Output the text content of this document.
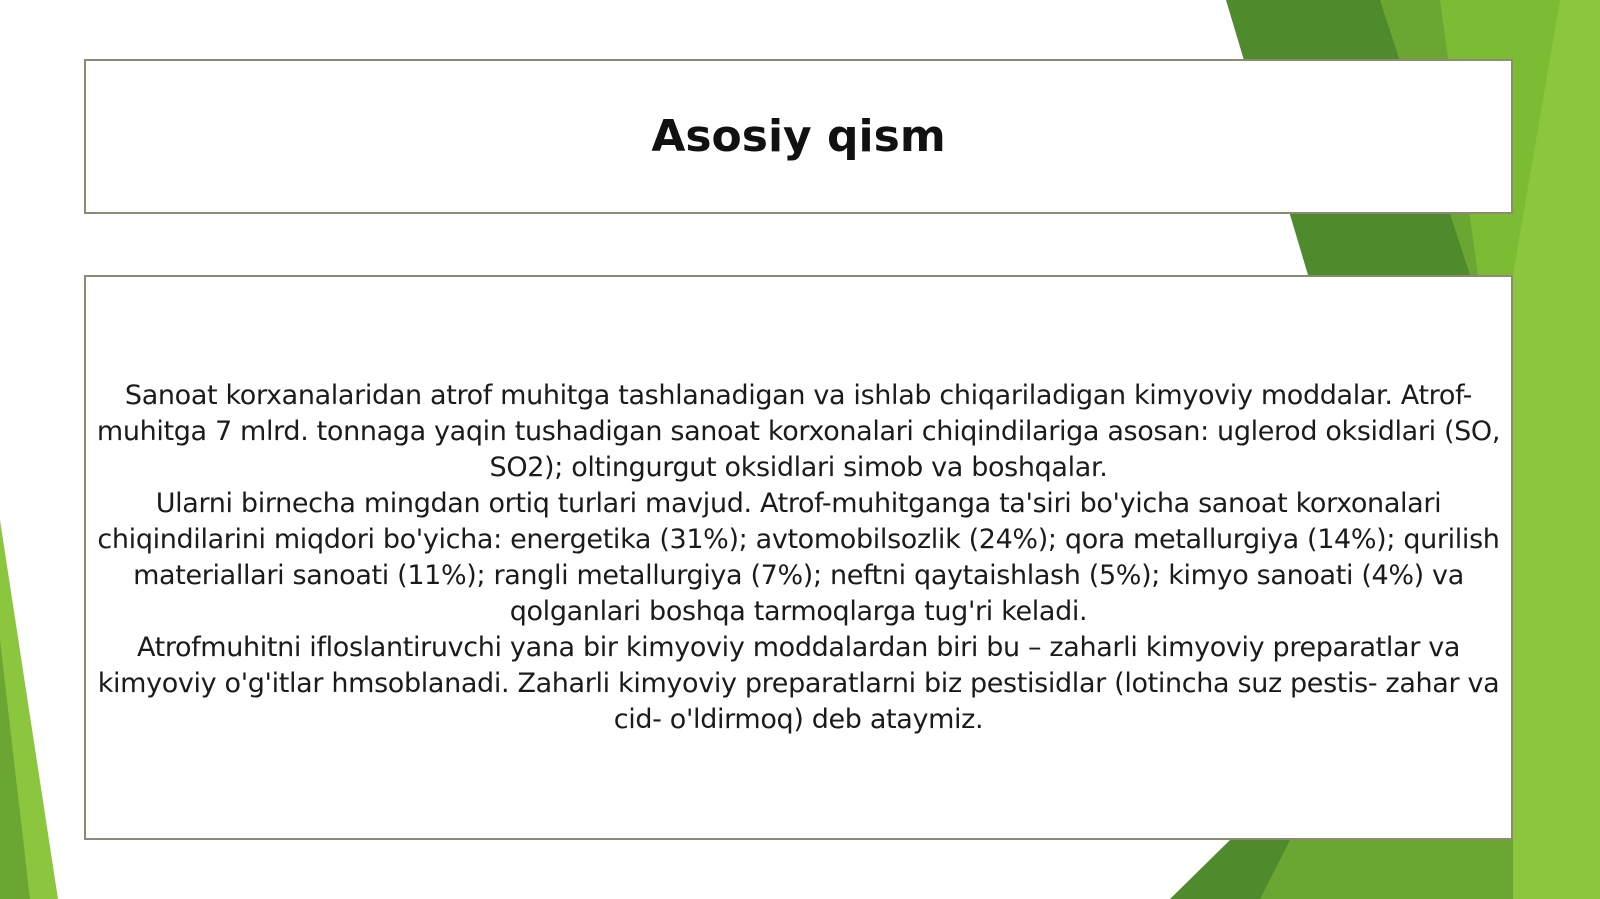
Asosiy qism

Sanoat korxanalaridan atrof muhitga tashlanadigan va ishlab chiqariladigan kimyoviy moddalar. Atrof-muhitga 7 mlrd. tonnaga yaqin tushadigan sanoat korxonalari chiqindilariga asosan: uglerod oksidlari (SO, SO2); oltingurgut oksidlari simob va boshqalar.

Ularni birnecha mingdan ortiq turlari mavjud. Atrof-muhitganga ta'siri bo'yicha sanoat korxonalari chiqindilarini miqdori bo'yicha: energetika (31%); avtomobilsozlik (24%); qora metallurgiya (14%); qurilish materiallari sanoati (11%); rangli metallurgiya (7%); neftni qaytaishlash (5%); kimyo sanoati (4%) va qolganlari boshqa tarmoqlarga tug'ri keladi.

Atrofmuhitni ifloslantiruvchi yana bir kimyoviy moddalardan biri bu – zaharli kimyoviy preparatlar va kimyoviy o'g'itlar hmsoblanadi. Zaharli kimyoviy preparatlarni biz pestisidlar (lotincha suz pestis- zahar va cid- o'ldirmoq) deb ataymiz.
